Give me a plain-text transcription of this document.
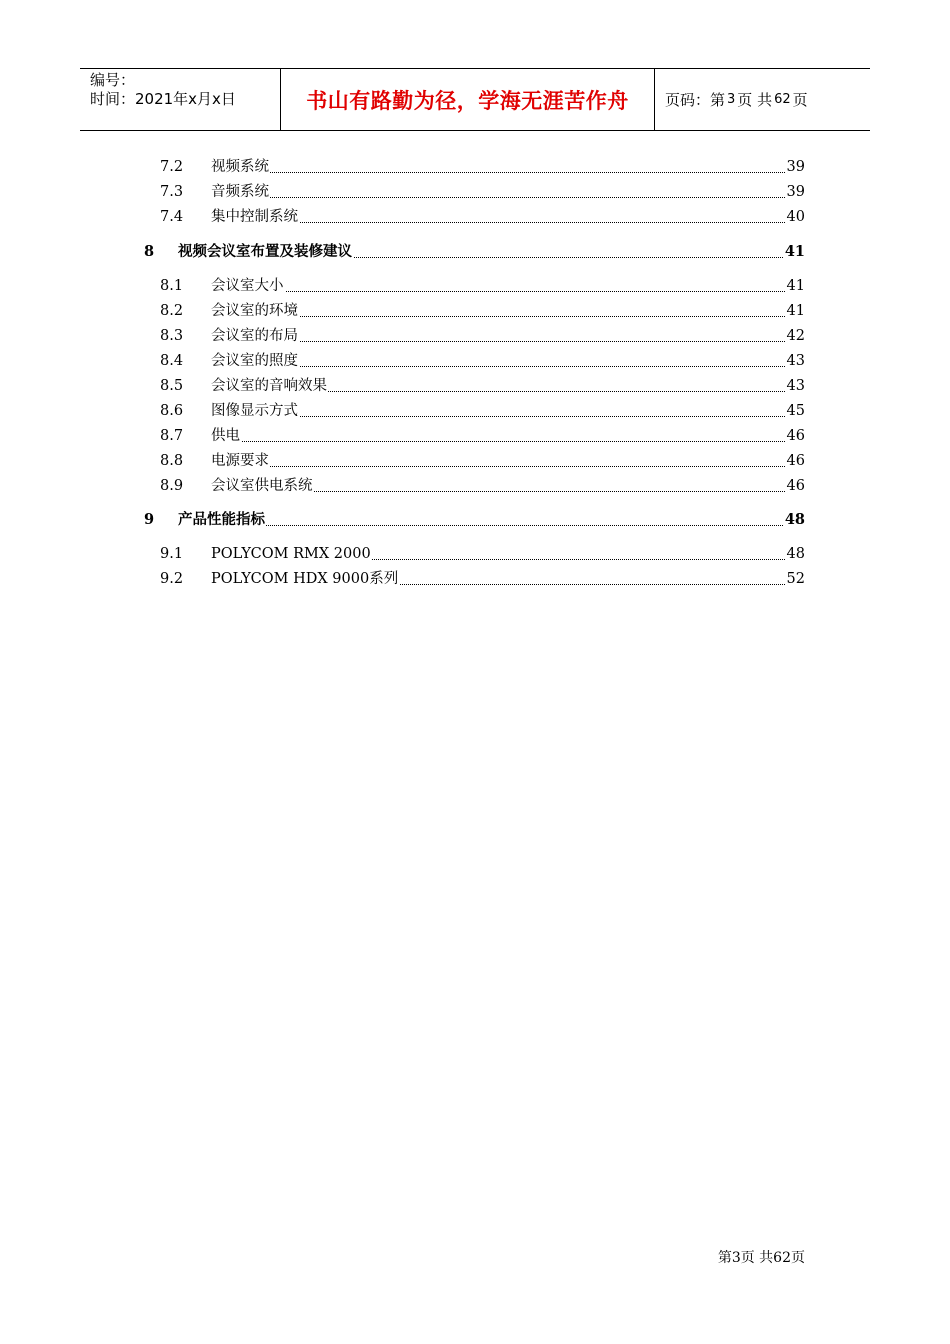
编号：
时间：2021年x月x日	书山有路勤为径，学海无涯苦作舟	页码：第 3 页 共 62 页
7.2 视频系统	39
7.3 音频系统	39
7.4 集中控制系统	40
8 视频会议室布置及装修建议	41
8.1 会议室大小	41
8.2 会议室的环境	41
8.3 会议室的布局	42
8.4 会议室的照度	43
8.5 会议室的音响效果	43
8.6 图像显示方式	45
8.7 供电	46
8.8 电源要求	46
8.9 会议室供电系统	46
9 产品性能指标	48
9.1 POLYCOM RMX 2000	48
9.2 POLYCOM HDX 9000系列	52
第3页 共62页
